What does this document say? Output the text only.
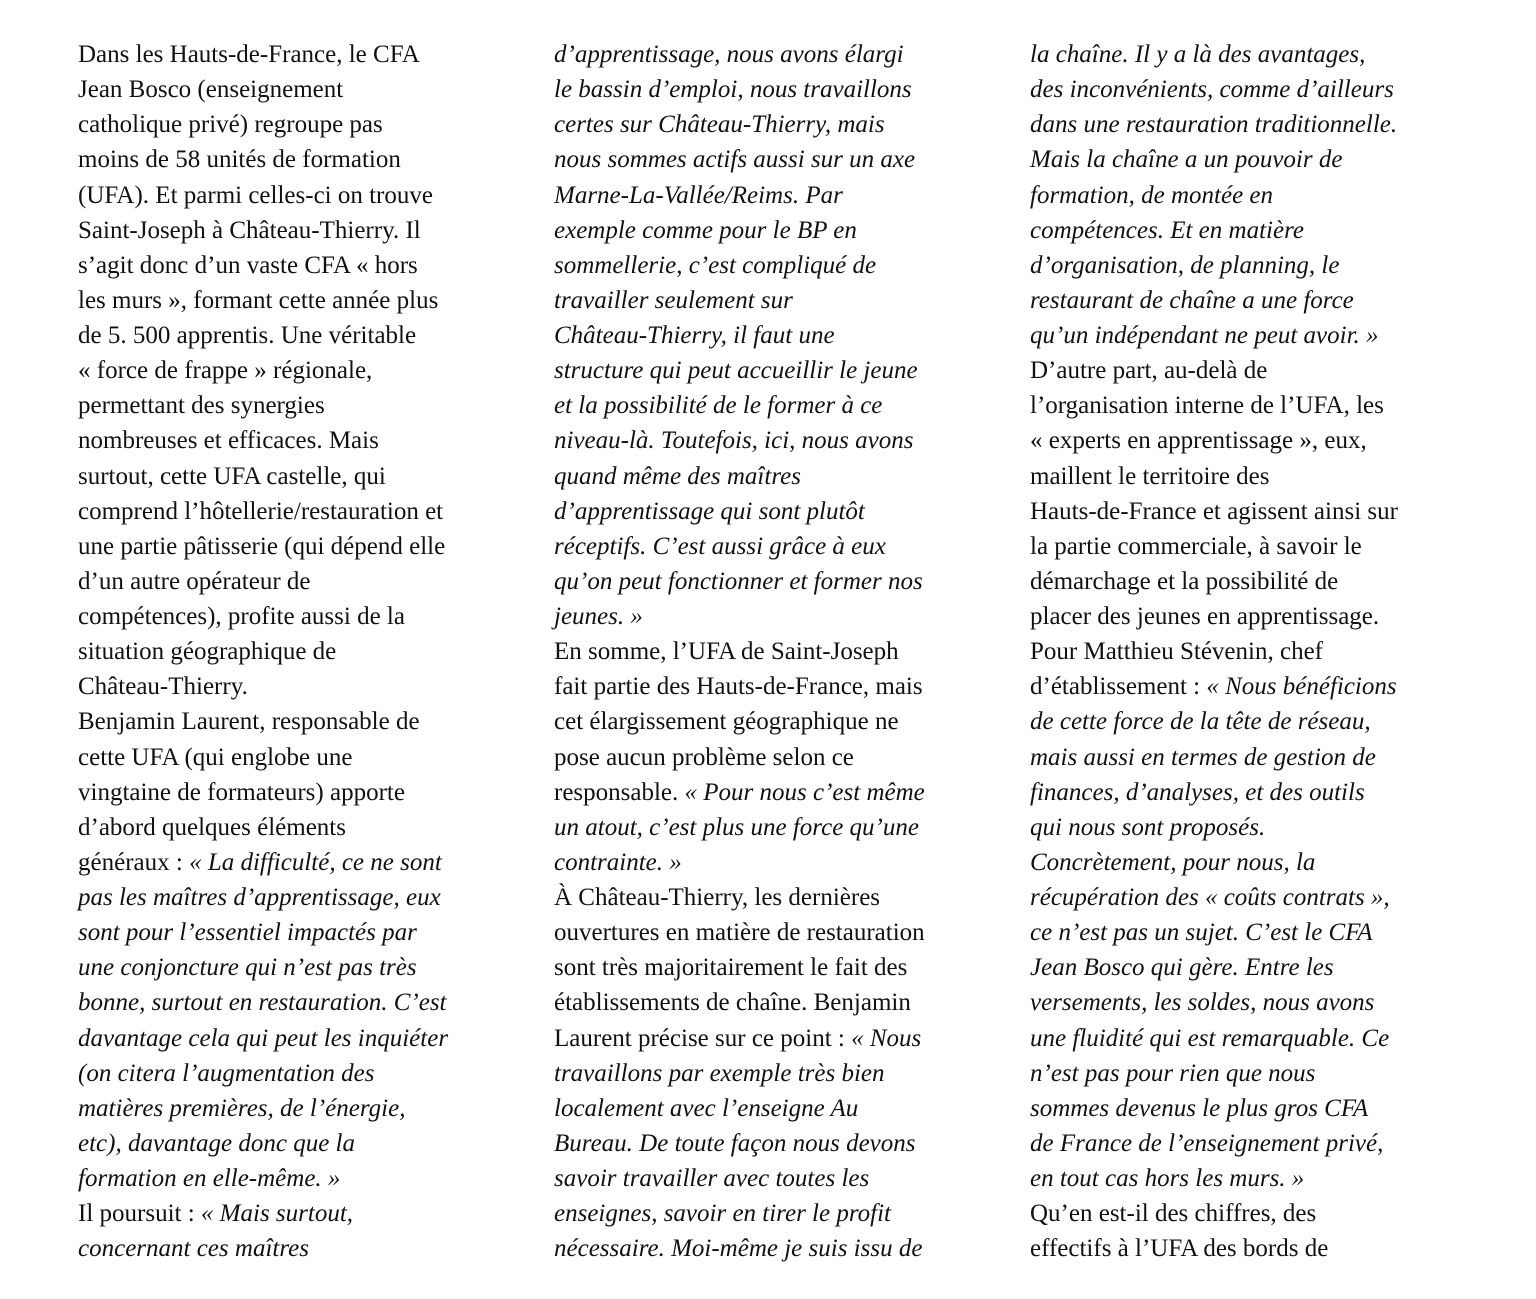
Dans les Hauts-de-France, le CFA
Jean Bosco (enseignement
catholique privé) regroupe pas
moins de 58 unités de formation
(UFA). Et parmi celles-ci on trouve
Saint-Joseph à Château-Thierry. Il
s’agit donc d’un vaste CFA « hors
les murs », formant cette année plus
de 5. 500 apprentis. Une véritable
« force de frappe » régionale,
permettant des synergies
nombreuses et efficaces. Mais
surtout, cette UFA castelle, qui
comprend l’hôtellerie/restauration et
une partie pâtisserie (qui dépend elle
d’un autre opérateur de
compétences), profite aussi de la
situation géographique de
Château-Thierry.
Benjamin Laurent, responsable de
cette UFA (qui englobe une
vingtaine de formateurs) apporte
d’abord quelques éléments
généraux : « La difficulté, ce ne sont
pas les maîtres d’apprentissage, eux
sont pour l’essentiel impactés par
une conjoncture qui n’est pas très
bonne, surtout en restauration. C’est
davantage cela qui peut les inquiéter
(on citera l’augmentation des
matières premières, de l’énergie,
etc), davantage donc que la
formation en elle-même. »
Il poursuit : « Mais surtout,
concernant ces maîtres
d’apprentissage, nous avons élargi
le bassin d’emploi, nous travaillons
certes sur Château-Thierry, mais
nous sommes actifs aussi sur un axe
Marne-La-Vallée/Reims. Par
exemple comme pour le BP en
sommellerie, c’est compliqué de
travailler seulement sur
Château-Thierry, il faut une
structure qui peut accueillir le jeune
et la possibilité de le former à ce
niveau-là. Toutefois, ici, nous avons
quand même des maîtres
d’apprentissage qui sont plutôt
réceptifs. C’est aussi grâce à eux
qu’on peut fonctionner et former nos
jeunes. »
En somme, l’UFA de Saint-Joseph
fait partie des Hauts-de-France, mais
cet élargissement géographique ne
pose aucun problème selon ce
responsable. « Pour nous c’est même
un atout, c’est plus une force qu’une
contrainte. »
À Château-Thierry, les dernières
ouvertures en matière de restauration
sont très majoritairement le fait des
établissements de chaîne. Benjamin
Laurent précise sur ce point : « Nous
travaillons par exemple très bien
localement avec l’enseigne Au
Bureau. De toute façon nous devons
savoir travailler avec toutes les
enseignes, savoir en tirer le profit
nécessaire. Moi-même je suis issu de
la chaîne. Il y a là des avantages,
des inconvénients, comme d’ailleurs
dans une restauration traditionnelle.
Mais la chaîne a un pouvoir de
formation, de montée en
compétences. Et en matière
d’organisation, de planning, le
restaurant de chaîne a une force
qu’un indépendant ne peut avoir. »
D’autre part, au-delà de
l’organisation interne de l’UFA, les
« experts en apprentissage », eux,
maillent le territoire des
Hauts-de-France et agissent ainsi sur
la partie commerciale, à savoir le
démarchage et la possibilité de
placer des jeunes en apprentissage.
Pour Matthieu Stévenin, chef
d’établissement : « Nous bénéficions
de cette force de la tête de réseau,
mais aussi en termes de gestion de
finances, d’analyses, et des outils
qui nous sont proposés.
Concrètement, pour nous, la
récupération des « coûts contrats »,
ce n’est pas un sujet. C’est le CFA
Jean Bosco qui gère. Entre les
versements, les soldes, nous avons
une fluidité qui est remarquable. Ce
n’est pas pour rien que nous
sommes devenus le plus gros CFA
de France de l’enseignement privé,
en tout cas hors les murs. »
Qu’en est-il des chiffres, des
effectifs à l’UFA des bords de
